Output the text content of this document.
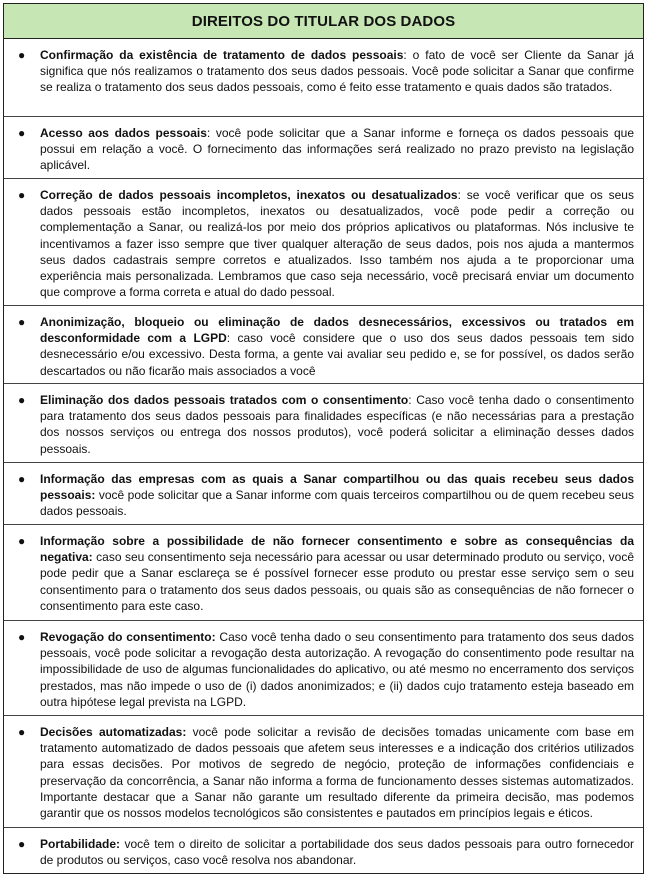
DIREITOS DO TITULAR DOS DADOS
●	Confirmação da existência de tratamento de dados pessoais: o fato de você ser Cliente da Sanar já significa que nós realizamos o tratamento dos seus dados pessoais. Você pode solicitar a Sanar que confirme se realiza o tratamento dos seus dados pessoais, como é feito esse tratamento e quais dados são tratados.
●	Acesso aos dados pessoais: você pode solicitar que a Sanar informe e forneça os dados pessoais que possui em relação a você. O fornecimento das informações será realizado no prazo previsto na legislação aplicável.
●	Correção de dados pessoais incompletos, inexatos ou desatualizados: se você verificar que os seus dados pessoais estão incompletos, inexatos ou desatualizados, você pode pedir a correção ou complementação a Sanar, ou realizá-los por meio dos próprios aplicativos ou plataformas. Nós inclusive te incentivamos a fazer isso sempre que tiver qualquer alteração de seus dados, pois nos ajuda a mantermos seus dados cadastrais sempre corretos e atualizados. Isso também nos ajuda a te proporcionar uma experiência mais personalizada. Lembramos que caso seja necessário, você precisará enviar um documento que comprove a forma correta e atual do dado pessoal.
●	Anonimização, bloqueio ou eliminação de dados desnecessários, excessivos ou tratados em desconformidade com a LGPD: caso você considere que o uso dos seus dados pessoais tem sido desnecessário e/ou excessivo. Desta forma, a gente vai avaliar seu pedido e, se for possível, os dados serão descartados ou não ficarão mais associados a você
●	Eliminação dos dados pessoais tratados com o consentimento: Caso você tenha dado o consentimento para tratamento dos seus dados pessoais para finalidades específicas (e não necessárias para a prestação dos nossos serviços ou entrega dos nossos produtos), você poderá solicitar a eliminação desses dados pessoais.
●	Informação das empresas com as quais a Sanar compartilhou ou das quais recebeu seus dados pessoais: você pode solicitar que a Sanar informe com quais terceiros compartilhou ou de quem recebeu seus dados pessoais.
●	Informação sobre a possibilidade de não fornecer consentimento e sobre as consequências da negativa: caso seu consentimento seja necessário para acessar ou usar determinado produto ou serviço, você pode pedir que a Sanar esclareça se é possível fornecer esse produto ou prestar esse serviço sem o seu consentimento para o tratamento dos seus dados pessoais, ou quais são as consequências de não fornecer o consentimento para este caso.
●	Revogação do consentimento: Caso você tenha dado o seu consentimento para tratamento dos seus dados pessoais, você pode solicitar a revogação desta autorização. A revogação do consentimento pode resultar na impossibilidade de uso de algumas funcionalidades do aplicativo, ou até mesmo no encerramento dos serviços prestados, mas não impede o uso de (i) dados anonimizados; e (ii) dados cujo tratamento esteja baseado em outra hipótese legal prevista na LGPD.
●	Decisões automatizadas: você pode solicitar a revisão de decisões tomadas unicamente com base em tratamento automatizado de dados pessoais que afetem seus interesses e a indicação dos critérios utilizados para essas decisões. Por motivos de segredo de negócio, proteção de informações confidenciais e preservação da concorrência, a Sanar não informa a forma de funcionamento desses sistemas automatizados. Importante destacar que a Sanar não garante um resultado diferente da primeira decisão, mas podemos garantir que os nossos modelos tecnológicos são consistentes e pautados em princípios legais e éticos.
●	Portabilidade: você tem o direito de solicitar a portabilidade dos seus dados pessoais para outro fornecedor de produtos ou serviços, caso você resolva nos abandonar.
